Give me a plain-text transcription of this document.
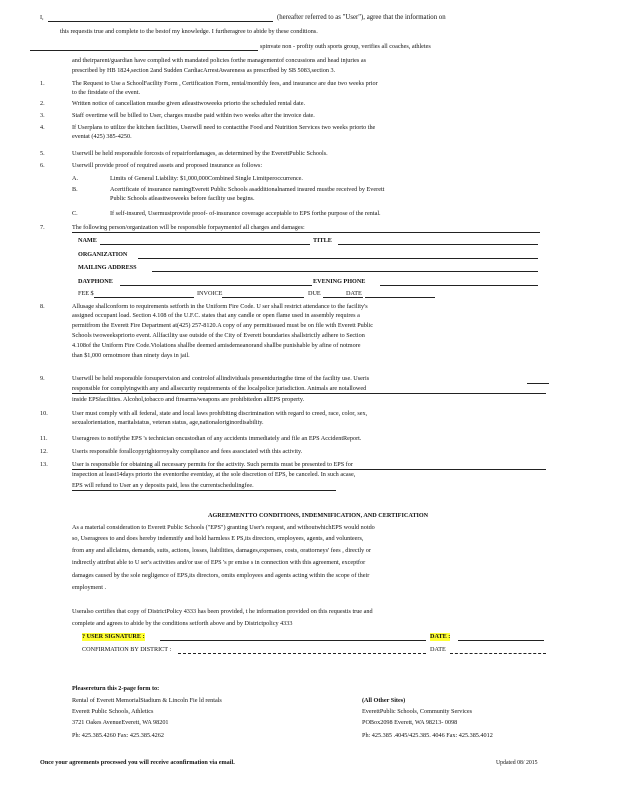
I,	(hereafter referred to as "User"), agree that the information on
this requestis true and complete to the bestof my knowledge. I furtheragree to abide by these conditions.
spinvate non - profity outh sports group, verifies all coaches, athletes
and theirparent/guardian have complied with mandated policies forthe managementof concussions and head injuries as
prescribed by HB 1824,section 2and Sudden CardiacArrestAwareness as prescribed by SB 5083,section 3.
1.	The Request to Use a SchoolFacility Form , Certification Form, rental/monthly fees, and insurance are due two weeks prior
to the firstdate of the event.
2.	Written notice of cancellation mustbe given atleasttwoweeks priorto the scheduled rental date.
3.	Staff overtime will be billed to User, charges mustbe paid within two weeks after the invoice date.
4.	If Userplans to utilize the kitchen facilities, Userwill need to contactthe Food and Nutrition Services two weeks priorto the
eventat (425) 385-4250.
5.	Userwill be held responsible forcosts of repairfordamages, as determined by the EverettPublic Schools.
6.	Userwill provide proof of required assets and proposed insurance as follows:
A.	Limits of General Liability: $1,000,000Combined Single Limitperoccurrence.
B.	Acertificate of insurance namingEverett Public Schools asadditionalnamed insured mustbe received by Everett
Public Schools atleasttwoweeks before facility use begins.
C.	If self-insured, Usermustprovide proof- of-insurance coverage acceptable to EPS forthe purpose of the rental.
7.	The following person/organization will be responsible forpaymentof all charges and damages:
NAME	TITLE
ORGANIZATION
MAILING ADDRESS
DAYPHONE	EVENING PHONE
FEE $	INVOICE	DUE	DATE
8.	Allusage shallconform to requirements setforth in the Uniform Fire Code. U ser shall restrict attendance to the facility's
assigned occupant load. Section 4.108 of the U.F.C. states that any candle or open flame used in assembly requires a
permitfrom the Everett Fire Department at(425) 257-8120.A copy of any permitissued must be on file with Everett Public
Schools twoweekspriorto event. Allfacility use outside of the City of Everett boundaries shallstrictly adhere to Section
4.108of the Uniform Fire Code.Violations shallbe deemed amisdemeanorand shallbe punishable by afine of notmore
than $1,000 ormotmore than ninety days in jail.
9.	Userwill be held responsible forsupervision and controlof allindividuals presentduringthe time of the facility use. Useris
responsible for complyingwith any and allsecurity requirements of the localpolice jurisdiction. Animals are notallowed
inside EPSfacilities. Alcohol,tobacco and firearms/weapons are prohibitedon allEPS property.
10.	User must comply with all federal, state and local laws prohibiting discrimination with regard to creed, race, color, sex,
sexualorientation, maritalstatus, veteran status, age,nationaloriginordisability.
11.	Useragrees to notifythe EPS 's technician oncustodian of any accidents immediately and file an EPS AccidentReport.
12.	Useris responsible forallcopyrightorroyalty compliance and fees associated with this activity.
13.	User is responsible for obtaining all necessary permits for the activity. Such permits must be presented to EPS for
inspection at least14days priorto the eventorthe eventday, at the sole discretion of EPS, be canceled. In such acase,
EPS will refund to User an y deposits paid, less the currentschedulingfee.
AGREEMENTTO CONDITIONS, INDEMNIFICATION, AND CERTIFICATION
As a material consideration to Everett Public Schools ("EPS") granting User's request, and withoutwhichEPS would notdo
so, Useragrees to and does hereby indemnify and hold harmless E PS,its directors, employees, agents, and volunteers,
from any and allclaims, demands, suits, actions, losses, liabilities, damages,expenses, costs, orattorneys' fees , directly or
indirectly attribut able to U ser's activities and/or use of EPS 's pr emise s in connection with this agreement, exceptfor
damages caused by the sole negligence of EPS,its directors, omits employees and agents acting within the scope of their
employment .
Useralso certifies that copy of DistrictPolicy 4333 has been provided, t he information provided on this requestis true and
complete and agrees to abide by the conditions setforth above and by Districtpolicy 4333
? USER SIGNATURE :	DATE :
CONFIRMATION BY DISTRICT :	DATE
Pleasereturn this 2-page form to:
Rental of Everett MemorialStadium & Lincoln Fie ld rentals
Everett Public Schools, Athletics
3721 Oakes AvenueEverett, WA 98201
Ph: 425.385.4260 Fax: 425.385.4262
(All Other Sites)
EverettPublic Schools, Community Services
POBox2098 Everett, WA 98213- 0098
Ph: 425.385 .4045/425.385. 4046 Fax: 425.385.4012
Once your agreements processed you will receive aconfirmation via email.	Updated 08/ 2015
